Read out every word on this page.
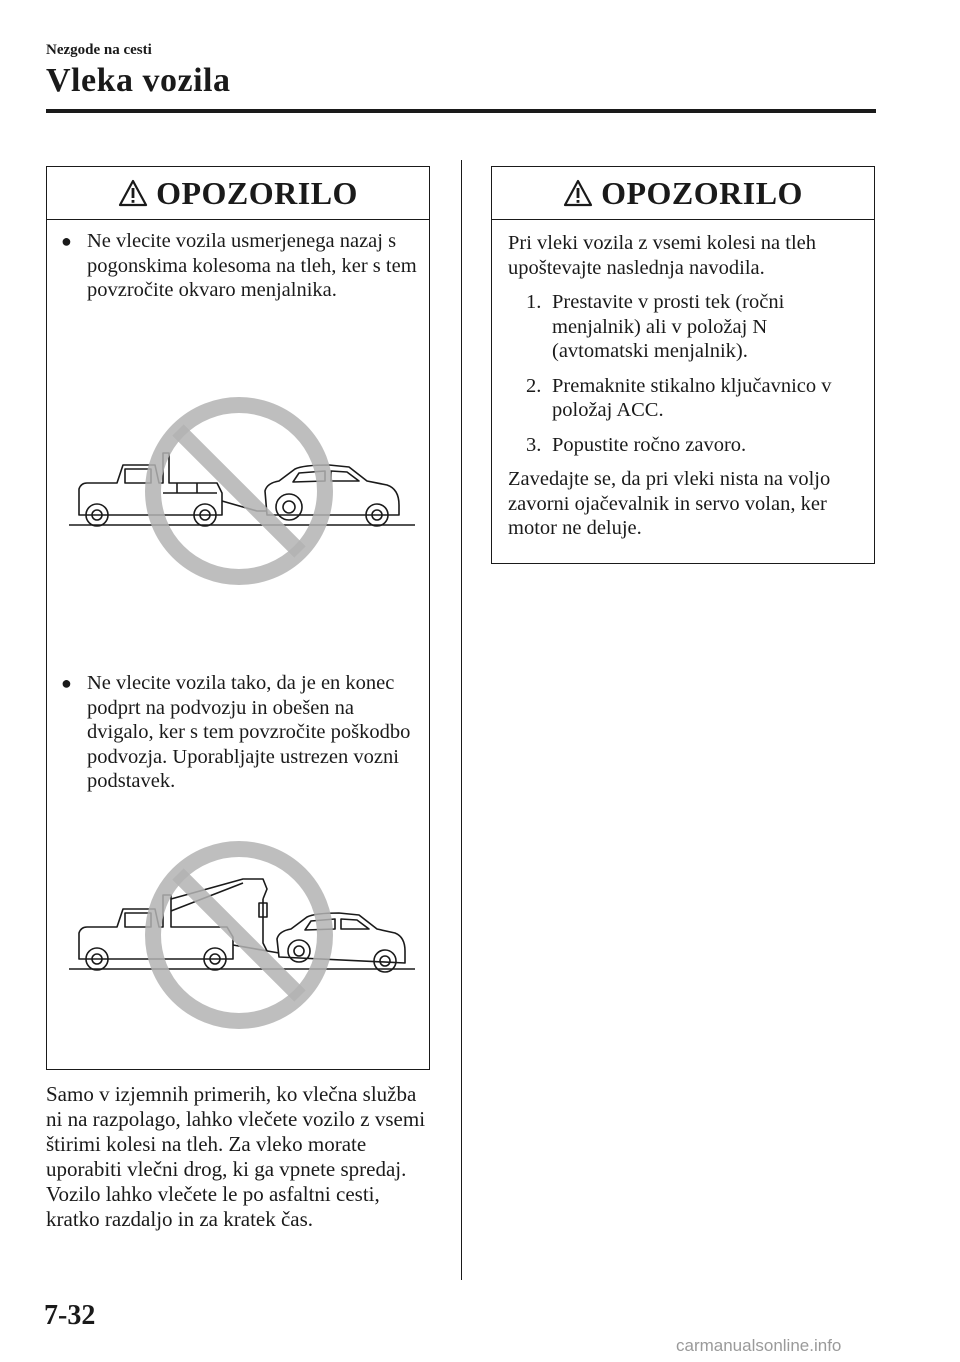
Nezgode na cesti
Vleka vozila
OPOZORILO
● Ne vlecite vozila usmerjenega nazaj s pogonskima kolesoma na tleh, ker s tem povzročite okvaro menjalnika.
● Ne vlecite vozila tako, da je en konec podprt na podvozju in obešen na dvigalo, ker s tem povzročite poškodbo podvozja. Uporabljajte ustrezen vozni podstavek.
OPOZORILO

Pri vleki vozila z vsemi kolesi na tleh upoštevajte naslednja navodila.

1. Prestavite v prosti tek (ročni menjalnik) ali v položaj N (avtomatski menjalnik).
2. Premaknite stikalno ključavnico v položaj ACC.
3. Popustite ročno zavoro.

Zavedajte se, da pri vleki nista na voljo zavorni ojačevalnik in servo volan, ker motor ne deluje.

Samo v izjemnih primerih, ko vlečna služba ni na razpolago, lahko vlečete vozilo z vsemi štirimi kolesi na tleh. Za vleko morate uporabiti vlečni drog, ki ga vpnete spredaj.

Vozilo lahko vlečete le po asfaltni cesti, kratko razdaljo in za kratek čas.

7-32
carmanualsonline.info
